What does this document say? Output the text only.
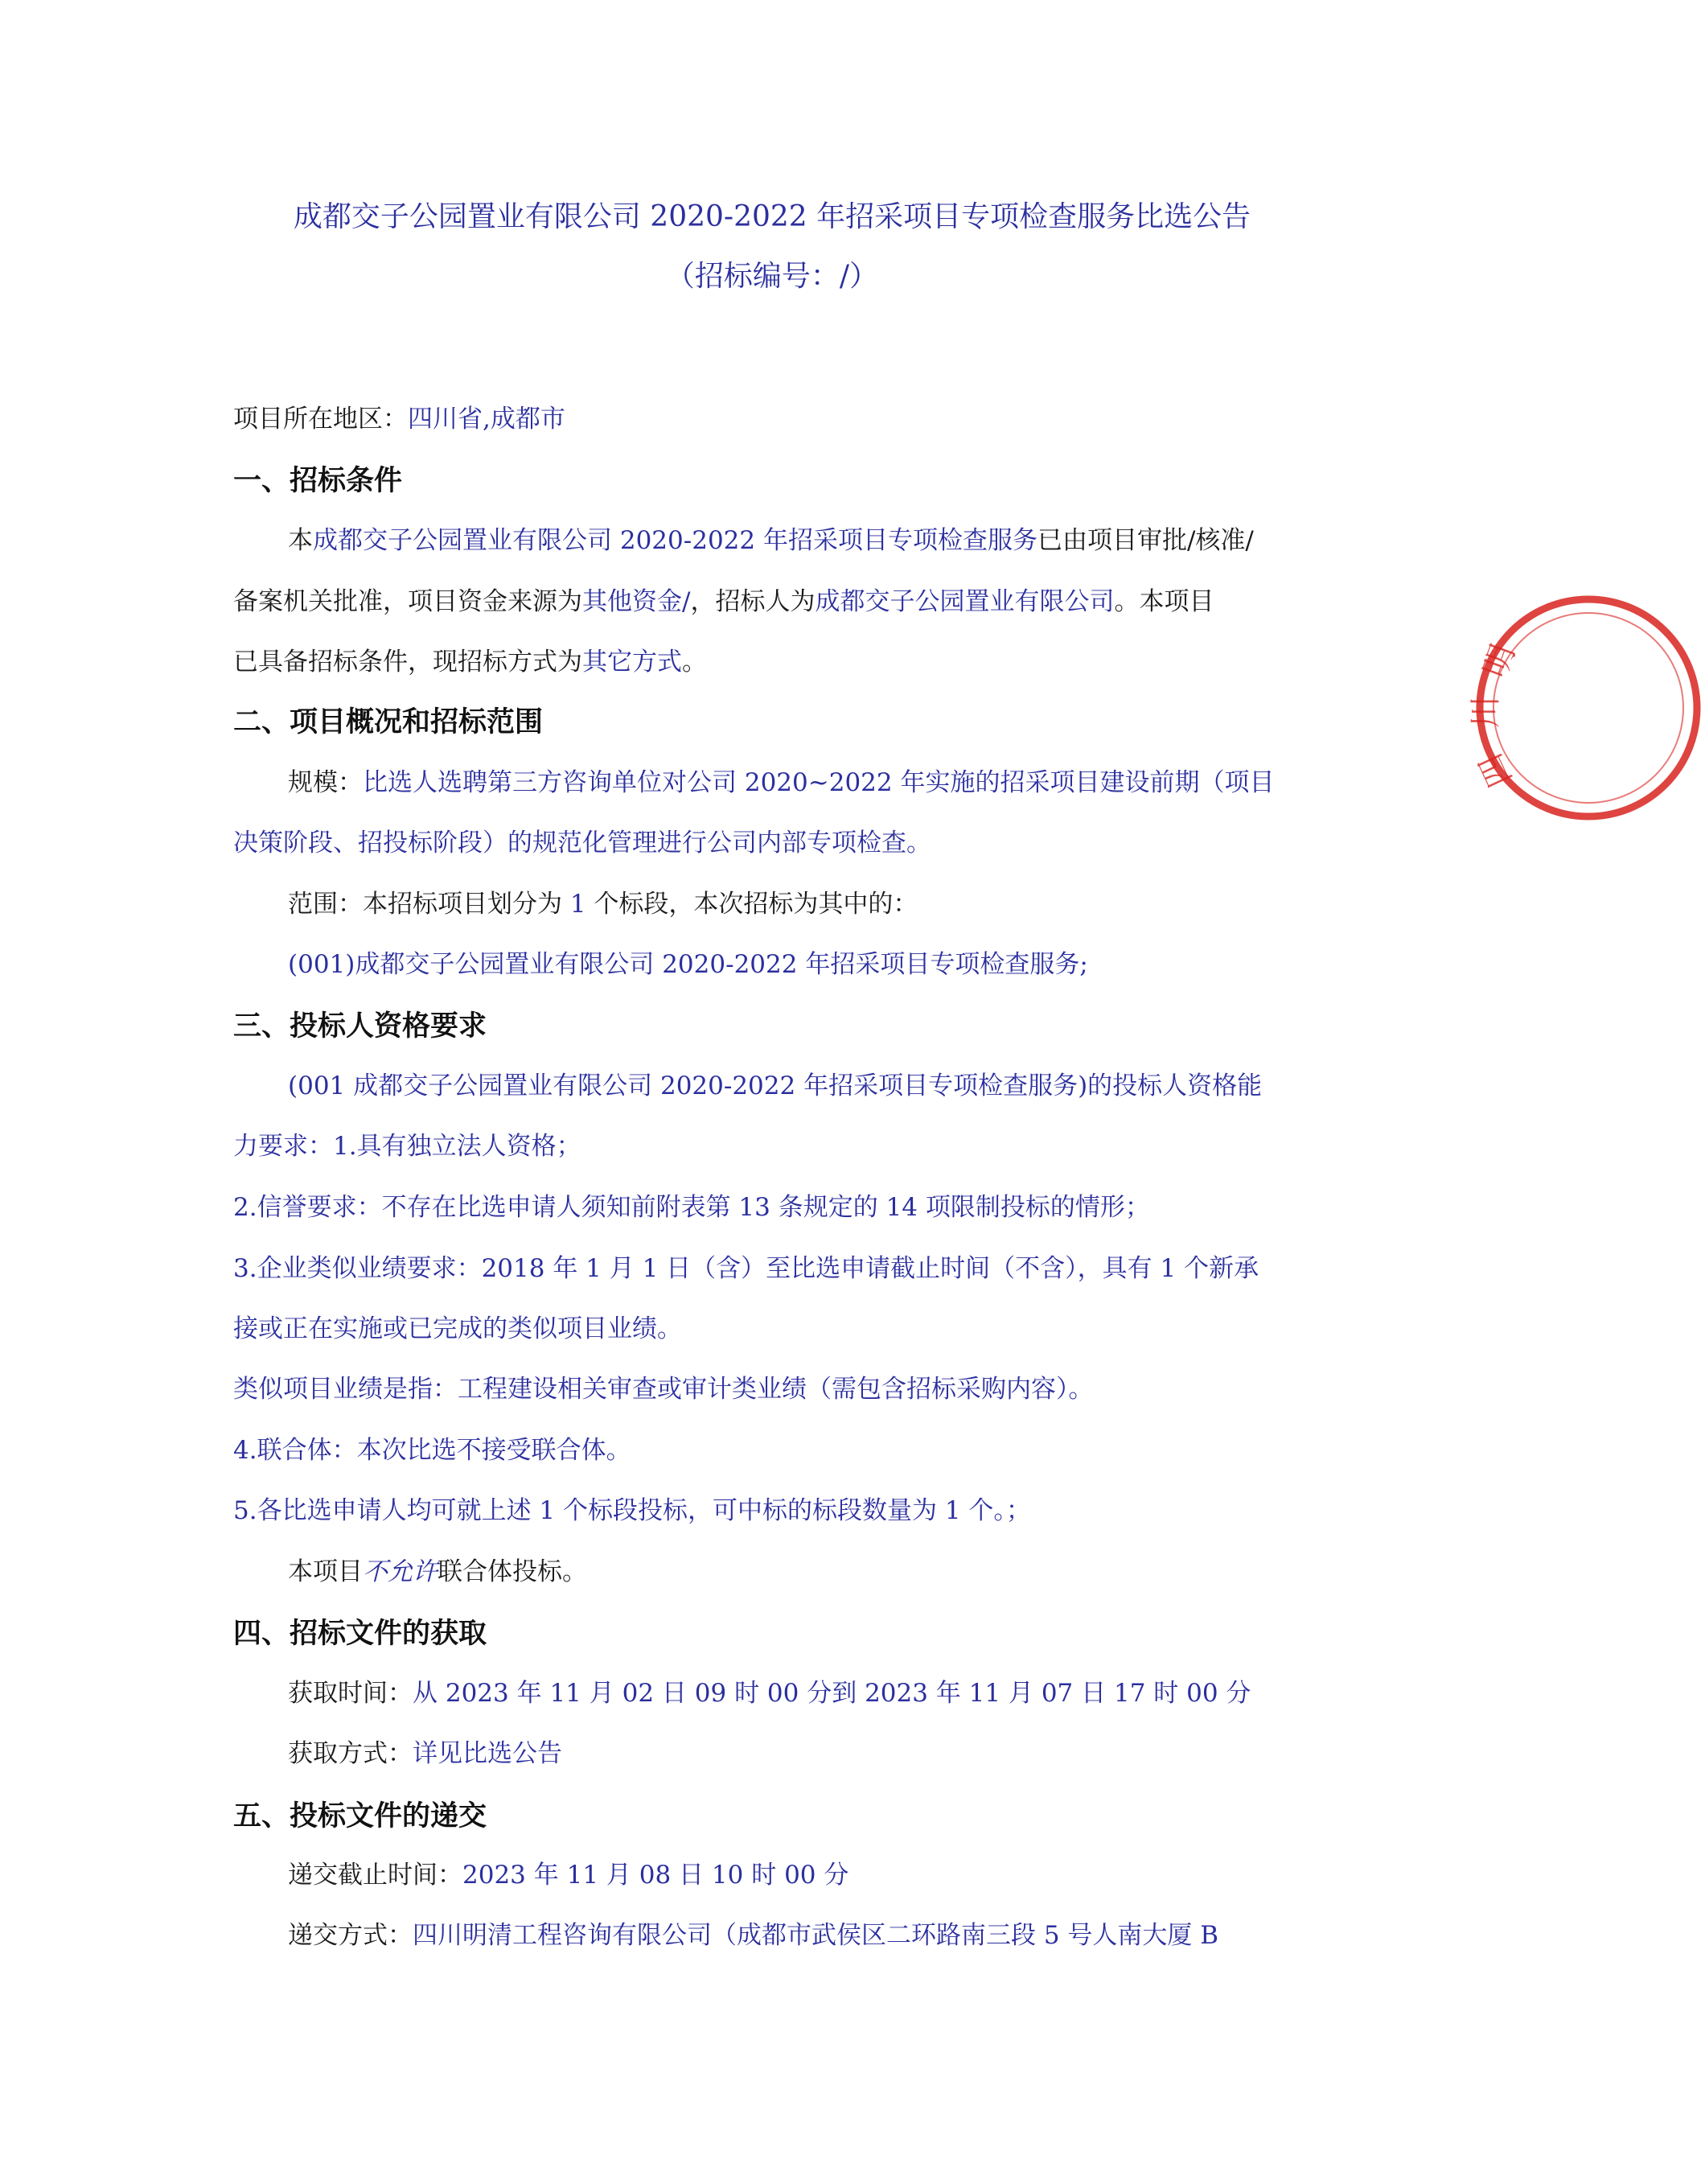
成都交子公园置业有限公司 2020-2022 年招采项目专项检查服务比选公告
（招标编号：/）
项目所在地区：四川省,成都市
一、招标条件
本成都交子公园置业有限公司 2020-2022 年招采项目专项检查服务已由项目审批/核准/
备案机关批准，项目资金来源为其他资金/，招标人为成都交子公园置业有限公司。本项目
已具备招标条件，现招标方式为其它方式。
二、项目概况和招标范围
规模：比选人选聘第三方咨询单位对公司 2020~2022 年实施的招采项目建设前期（项目
决策阶段、招投标阶段）的规范化管理进行公司内部专项检查。
范围：本招标项目划分为 1 个标段，本次招标为其中的：
(001)成都交子公园置业有限公司 2020-2022 年招采项目专项检查服务;
三、投标人资格要求
(001 成都交子公园置业有限公司 2020-2022 年招采项目专项检查服务)的投标人资格能
力要求：1.具有独立法人资格；
2.信誉要求：不存在比选申请人须知前附表第 13 条规定的 14 项限制投标的情形；
3.企业类似业绩要求：2018 年 1 月 1 日（含）至比选申请截止时间（不含），具有 1 个新承
接或正在实施或已完成的类似项目业绩。
类似项目业绩是指：工程建设相关审查或审计类业绩（需包含招标采购内容）。
4.联合体：本次比选不接受联合体。
5.各比选申请人均可就上述 1 个标段投标，可中标的标段数量为 1 个。；
本项目不允许联合体投标。
四、招标文件的获取
获取时间：从 2023 年 11 月 02 日 09 时 00 分到 2023 年 11 月 07 日 17 时 00 分
获取方式：详见比选公告
五、投标文件的递交
递交截止时间：2023 年 11 月 08 日 10 时 00 分
递交方式：四川明清工程咨询有限公司（成都市武侯区二环路南三段 5 号人南大厦 B
明
川
四
